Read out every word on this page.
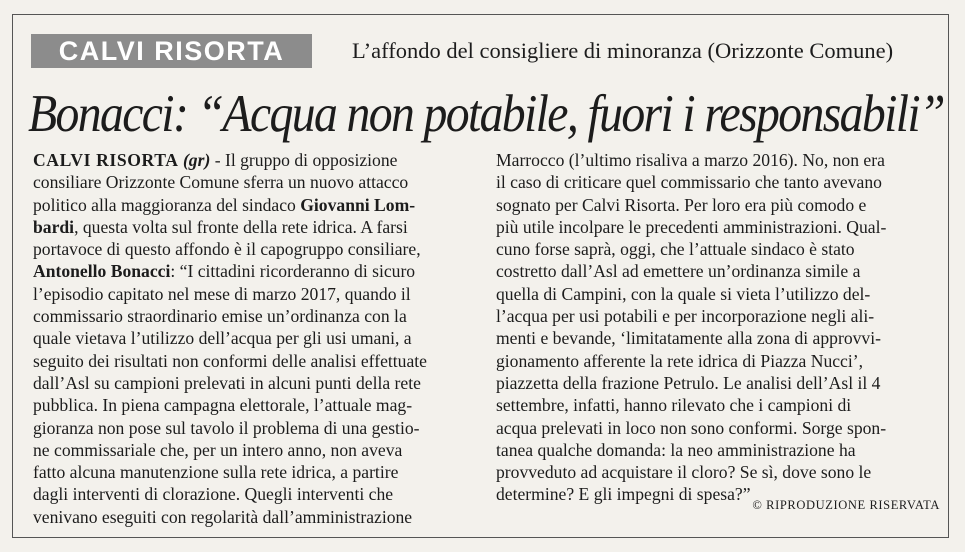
CALVI RISORTA	L’affondo del consigliere di minoranza (Orizzonte Comune)
Bonacci: “Acqua non potabile, fuori i responsabili”
CALVI RISORTA (gr) - Il gruppo di opposizione
consiliare Orizzonte Comune sferra un nuovo attacco
politico alla maggioranza del sindaco Giovanni Lom-
bardi, questa volta sul fronte della rete idrica. A farsi
portavoce di questo affondo è il capogruppo consiliare,
Antonello Bonacci: “I cittadini ricorderanno di sicuro
l’episodio capitato nel mese di marzo 2017, quando il
commissario straordinario emise un’ordinanza con la
quale vietava l’utilizzo dell’acqua per gli usi umani, a
seguito dei risultati non conformi delle analisi effettuate
dall’Asl su campioni prelevati in alcuni punti della rete
pubblica. In piena campagna elettorale, l’attuale mag-
gioranza non pose sul tavolo il problema di una gestio-
ne commissariale che, per un intero anno, non aveva
fatto alcuna manutenzione sulla rete idrica, a partire
dagli interventi di clorazione. Quegli interventi che
venivano eseguiti con regolarità dall’amministrazione
Marrocco (l’ultimo risaliva a marzo 2016). No, non era
il caso di criticare quel commissario che tanto avevano
sognato per Calvi Risorta. Per loro era più comodo e
più utile incolpare le precedenti amministrazioni. Qual-
cuno forse saprà, oggi, che l’attuale sindaco è stato
costretto dall’Asl ad emettere un’ordinanza simile a
quella di Campini, con la quale si vieta l’utilizzo del-
l’acqua per usi potabili e per incorporazione negli ali-
menti e bevande, ‘limitatamente alla zona di approvvi-
gionamento afferente la rete idrica di Piazza Nucci’,
piazzetta della frazione Petrulo. Le analisi dell’Asl il 4
settembre, infatti, hanno rilevato che i campioni di
acqua prelevati in loco non sono conformi. Sorge spon-
tanea qualche domanda: la neo amministrazione ha
provveduto ad acquistare il cloro? Se sì, dove sono le
determine? E gli impegni di spesa?”
© RIPRODUZIONE RISERVATA
